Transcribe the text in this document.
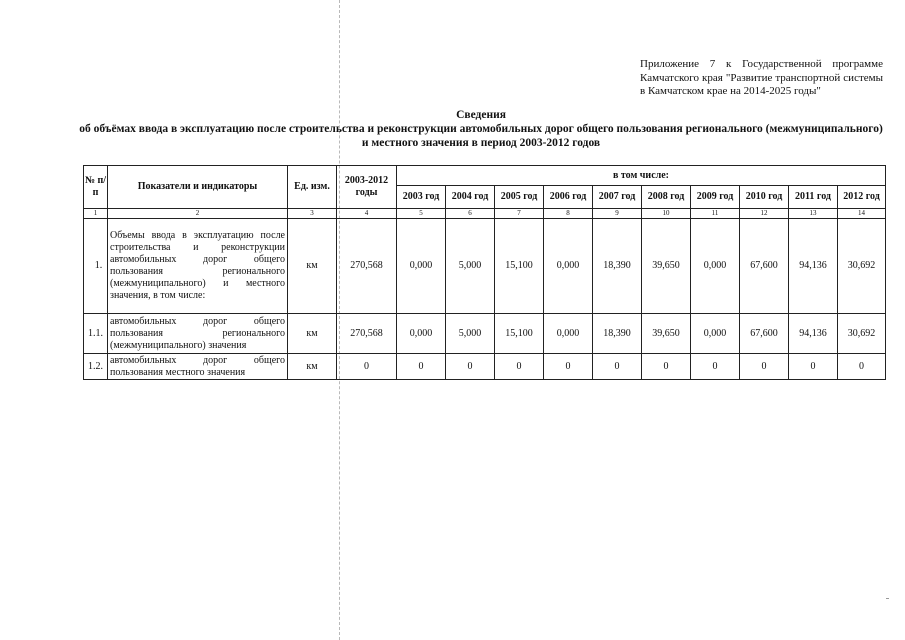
Приложение 7 к Государственной программе Камчатского края "Развитие транспортной системы в Камчатском крае на 2014-2025 годы"
Сведения
об объёмах ввода в эксплуатацию после строительства и реконструкции автомобильных дорог общего пользования регионального (межмуниципального)
и местного значения в период 2003-2012 годов
№ п/п	Показатели и индикаторы	Ед. изм.	2003-2012 годы	в том числе:									
				2003 год	2004 год	2005 год	2006 год	2007 год	2008 год	2009 год	2010 год	2011 год	2012 год
1	2	3	4	5	6	7	8	9	10	11	12	13	14
1.	Объемы ввода в эксплуатацию после строительства и реконструкции автомобильных дорог общего пользования регионального (межмуниципального) и местного значения, в том числе:	км	270,568	0,000	5,000	15,100	0,000	18,390	39,650	0,000	67,600	94,136	30,692
1.1.	автомобильных дорог общего пользования регионального (межмуниципального) значения	км	270,568	0,000	5,000	15,100	0,000	18,390	39,650	0,000	67,600	94,136	30,692
1.2.	автомобильных дорог общего пользования местного значения	км	0	0	0	0	0	0	0	0	0	0	0
